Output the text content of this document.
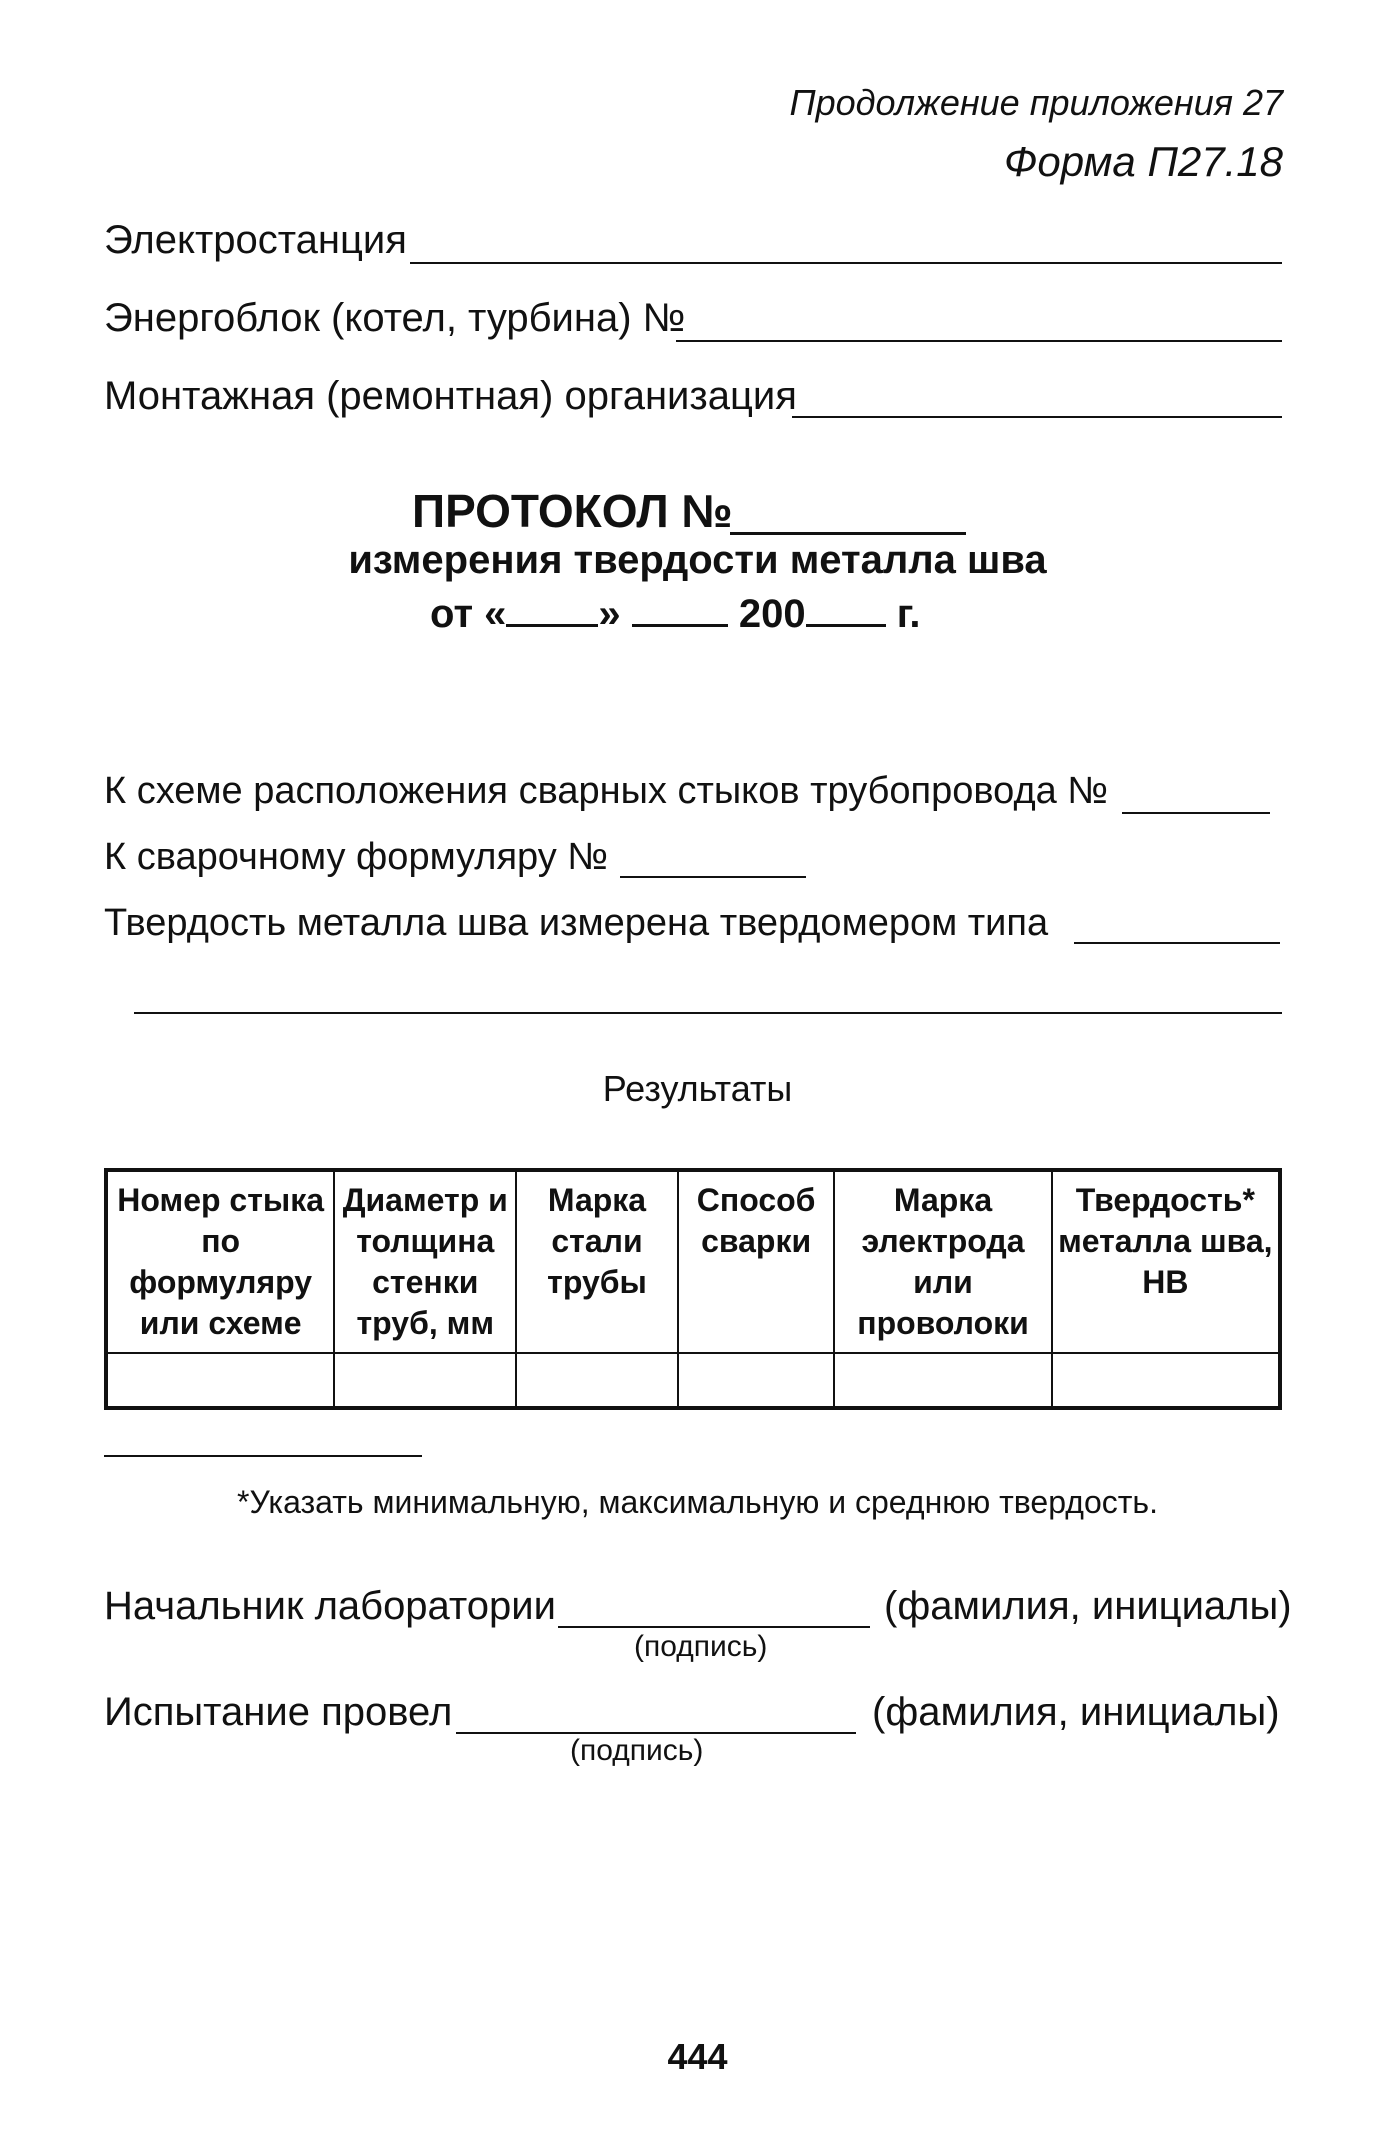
Продолжение приложения 27
Форма П27.18
Электростанция
Энергоблок (котел, турбина) №
Монтажная (ремонтная) организация
ПРОТОКОЛ №
измерения твердости металла шва
от « »	200 г.
К схеме расположения сварных стыков трубопровода №
К сварочному формуляру №
Твердость металла шва измерена твердомером типа
Результаты
Номер стыка по формуляру или схеме	Диаметр и толщина стенки труб, мм	Марка стали трубы	Способ сварки	Марка электрода или проволоки	Твердость* металла шва, НВ

*Указать минимальную, максимальную и среднюю твердость.
Начальник лаборатории	(фамилия, инициалы)
(подпись)
Испытание провел	(фамилия, инициалы)
(подпись)
444
